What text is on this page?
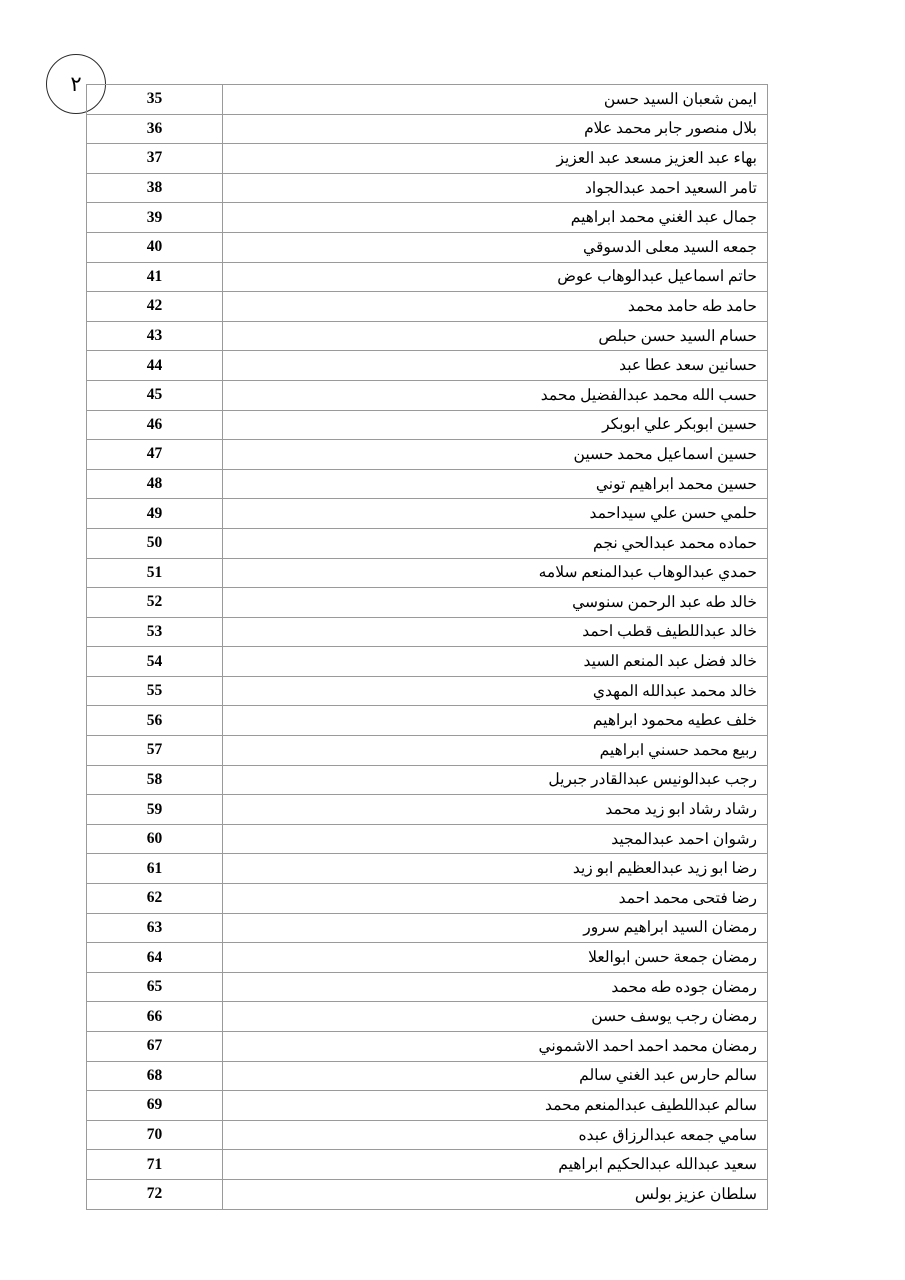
٢
ايمن شعبان السيد حسن	35
بلال منصور جابر محمد علام	36
بهاء عبد العزيز مسعد عبد العزيز	37
تامر السعيد احمد عبدالجواد	38
جمال عبد الغني محمد ابراهيم	39
جمعه السيد معلى الدسوقي	40
حاتم اسماعيل عبدالوهاب عوض	41
حامد طه حامد محمد	42
حسام السيد حسن حبلص	43
حسانين سعد عطا عبد	44
حسب الله محمد عبدالفضيل محمد	45
حسين ابوبكر علي ابوبكر	46
حسين اسماعيل محمد حسين	47
حسين محمد ابراهيم توني	48
حلمي حسن علي سيداحمد	49
حماده محمد عبدالحي نجم	50
حمدي عبدالوهاب عبدالمنعم سلامه	51
خالد طه عبد الرحمن سنوسي	52
خالد عبداللطيف قطب احمد	53
خالد فضل عبد المنعم السيد	54
خالد محمد عبدالله المهدي	55
خلف عطيه محمود ابراهيم	56
ربيع محمد حسني ابراهيم	57
رجب عبدالونيس عبدالقادر جبريل	58
رشاد رشاد ابو زيد محمد	59
رشوان احمد عبدالمجيد	60
رضا ابو زيد عبدالعظيم ابو زيد	61
رضا فتحى محمد احمد	62
رمضان السيد ابراهيم سرور	63
رمضان جمعة حسن ابوالعلا	64
رمضان جوده طه محمد	65
رمضان رجب يوسف حسن	66
رمضان محمد احمد احمد الاشموني	67
سالم حارس عبد الغني سالم	68
سالم عبداللطيف عبدالمنعم محمد	69
سامي جمعه عبدالرزاق عبده	70
سعيد عبدالله عبدالحكيم ابراهيم	71
سلطان عزيز بولس	72
